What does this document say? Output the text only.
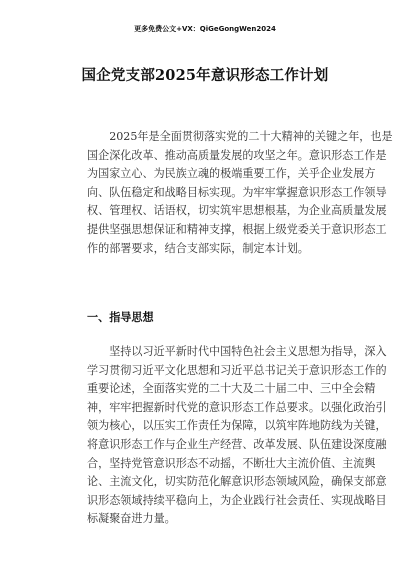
更多免费公文+VX：QiGeGongWen2024
国企党支部2025年意识形态工作计划
2025年是全面贯彻落实党的二十大精神的关键之年，也是
国企深化改革、推动高质量发展的攻坚之年。意识形态工作是
为国家立心、为民族立魂的极端重要工作，关乎企业发展方
向、队伍稳定和战略目标实现。为牢牢掌握意识形态工作领导
权、管理权、话语权，切实筑牢思想根基，为企业高质量发展
提供坚强思想保证和精神支撑，根据上级党委关于意识形态工
作的部署要求，结合支部实际，制定本计划。
一、指导思想
坚持以习近平新时代中国特色社会主义思想为指导，深入
学习贯彻习近平文化思想和习近平总书记关于意识形态工作的
重要论述，全面落实党的二十大及二十届二中、三中全会精
神，牢牢把握新时代党的意识形态工作总要求。以强化政治引
领为核心，以压实工作责任为保障，以筑牢阵地防线为关键，
将意识形态工作与企业生产经营、改革发展、队伍建设深度融
合，坚持党管意识形态不动摇，不断壮大主流价值、主流舆
论、主流文化，切实防范化解意识形态领域风险，确保支部意
识形态领域持续平稳向上，为企业践行社会责任、实现战略目
标凝聚奋进力量。
